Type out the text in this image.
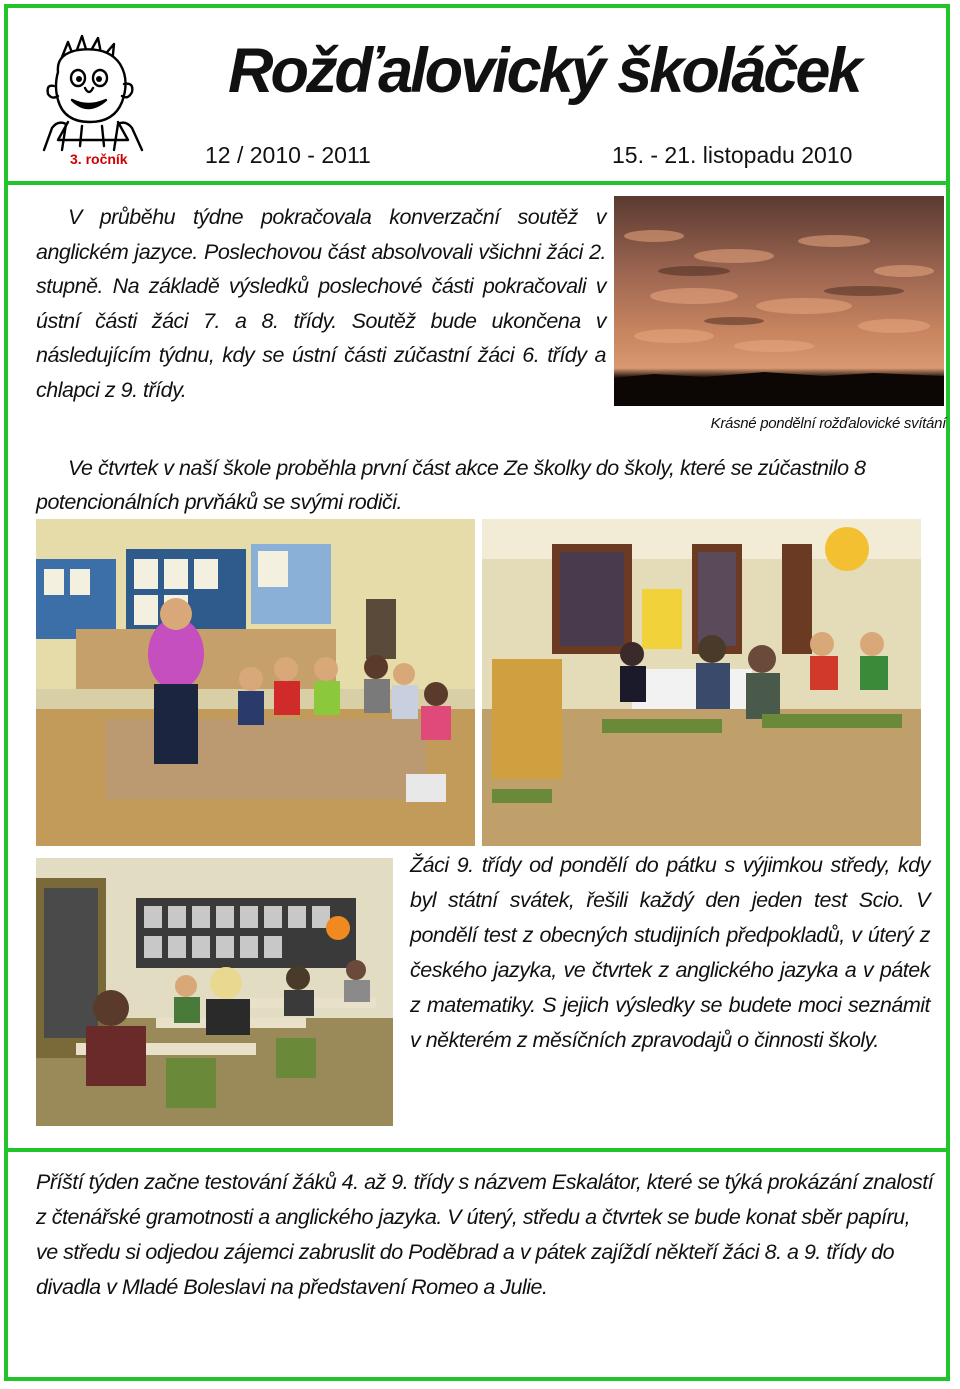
Rožďalovický školáček
3. ročník	12 / 2010 - 2011	15. - 21. listopadu 2010
V průběhu týdne pokračovala konverzační soutěž v anglickém jazyce. Poslechovou část absolvovali všichni žáci 2. stupně. Na základě výsledků poslechové části pokračovali v ústní části žáci 7. a 8. třídy. Soutěž bude ukončena v následujícím týdnu, kdy se ústní části zúčastní žáci 6. třídy a chlapci z 9. třídy.
Krásné pondělní rožďalovické svítání
Ve čtvrtek v naší škole proběhla první část akce Ze školky do školy, které se zúčastnilo 8 potencionálních prvňáků se svými rodiči.
Žáci 9. třídy od pondělí do pátku s výjimkou středy, kdy byl státní svátek, řešili každý den jeden test Scio. V pondělí test z obecných studijních předpokladů, v úterý z českého jazyka, ve čtvrtek z anglického jazyka a v pátek z matematiky. S jejich výsledky se budete moci seznámit v některém z měsíčních zpravodajů o činnosti školy.
Příští týden začne testování žáků 4. až 9. třídy s názvem Eskalátor, které se týká prokázání znalostí z čtenářské gramotnosti a anglického jazyka. V úterý, středu a čtvrtek se bude konat sběr papíru, ve středu si odjedou zájemci zabruslit do Poděbrad a v pátek zajíždí někteří žáci 8. a 9. třídy do divadla v Mladé Boleslavi na představení Romeo a Julie.
